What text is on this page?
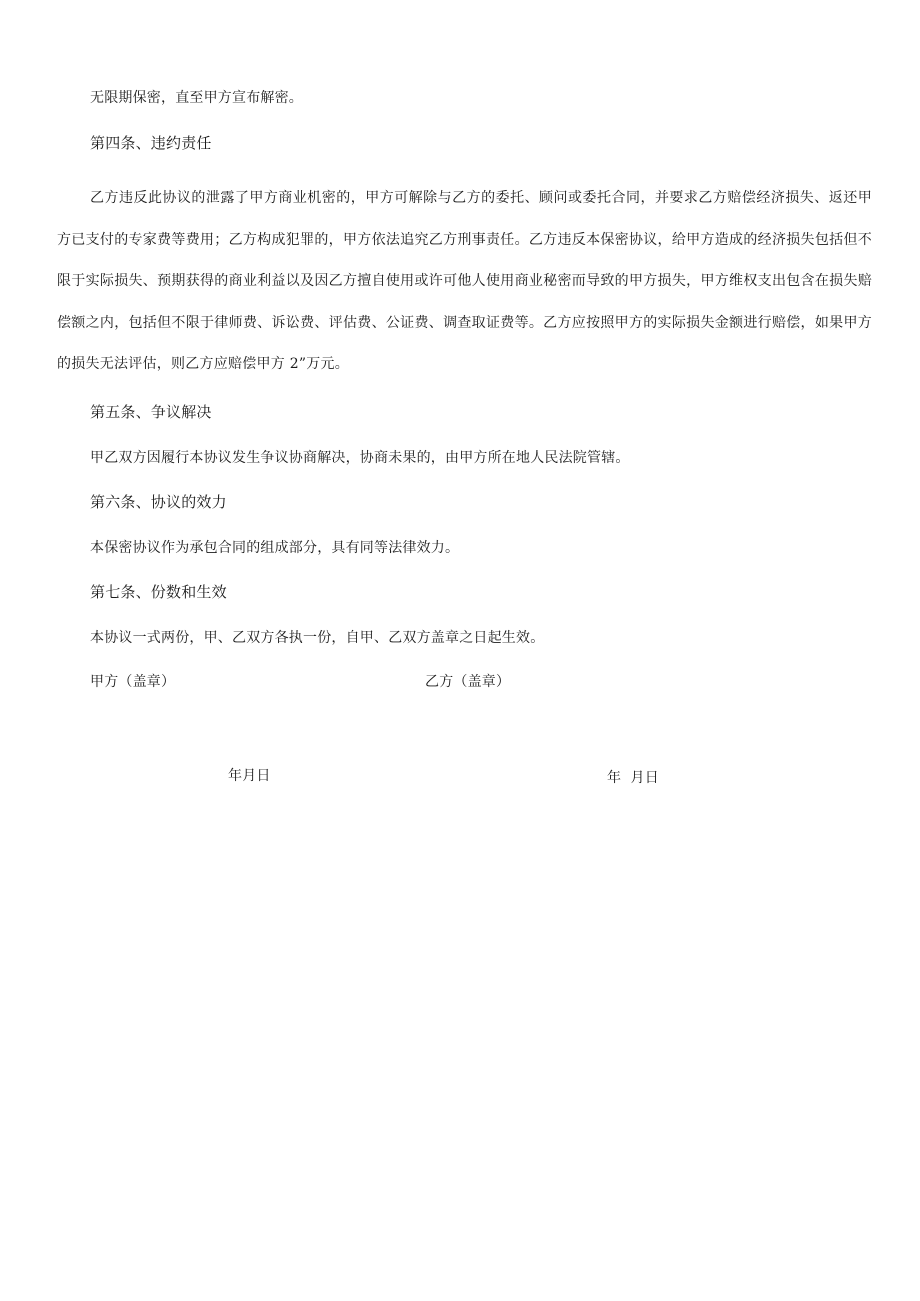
无限期保密，直至甲方宣布解密。
第四条、违约责任
乙方违反此协议的泄露了甲方商业机密的，甲方可解除与乙方的委托、顾问或委托合同，并要求乙方赔偿经济损失、返还甲方已支付的专家费等费用；乙方构成犯罪的，甲方依法追究乙方刑事责任。乙方违反本保密协议，给甲方造成的经济损失包括但不限于实际损失、预期获得的商业利益以及因乙方擅自使用或许可他人使用商业秘密而导致的甲方损失，甲方维权支出包含在损失赔偿额之内，包括但不限于律师费、诉讼费、评估费、公证费、调查取证费等。乙方应按照甲方的实际损失金额进行赔偿，如果甲方的损失无法评估，则乙方应赔偿甲方 2”万元。
第五条、争议解决
甲乙双方因履行本协议发生争议协商解决，协商未果的，由甲方所在地人民法院管辖。
第六条、协议的效力
本保密协议作为承包合同的组成部分，具有同等法律效力。
第七条、份数和生效
本协议一式两份，甲、乙双方各执一份，自甲、乙双方盖章之日起生效。
甲方（盖章）	乙方（盖章）
年月日	年  月日
